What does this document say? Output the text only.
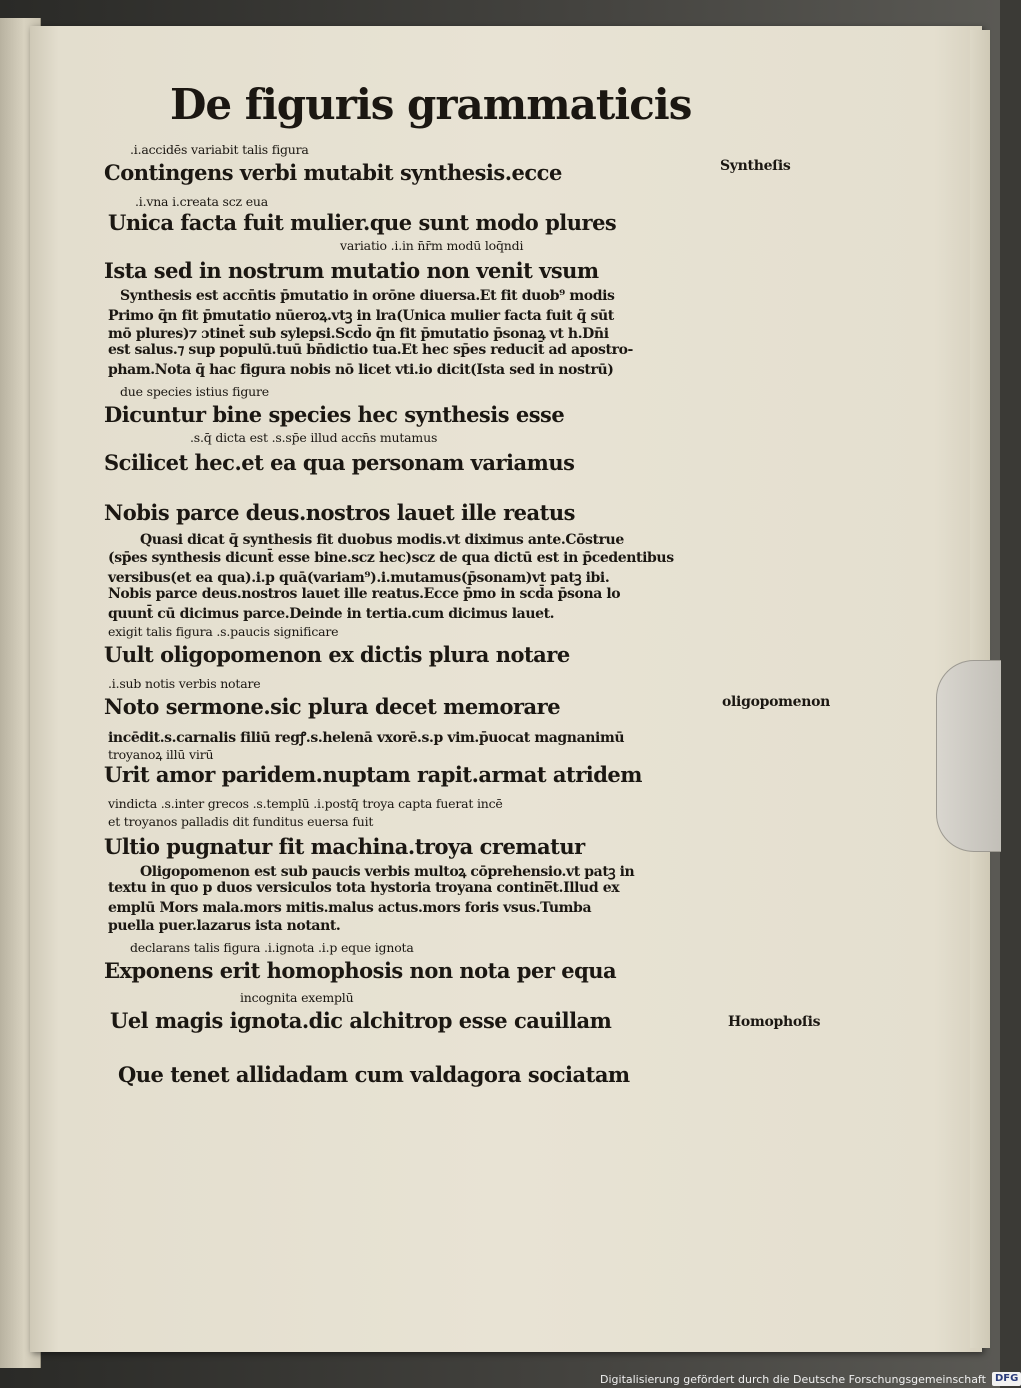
De figuris grammaticis
.i.accidēs variabit talis figura
Contingens verbi mutabit synthesis.ecce
.i.vna i.creata scz eua
Unica facta fuit mulier.que sunt modo plures
variatio .i.in n̄r̄m modū loq̄ndi
Ista sed in nostrum mutatio non venit vsum
Synthesis est accn̄tis p̄mutatio in orōne diuersa.Et fit duob⁹ modis
Primo q̄n fit p̄mutatio nūeroꝝ.vtꝫ in lra(Unica mulier facta fuit q̄ sūt
mō plures)⁊ ɔtinet̄ sub sylepsi.Scd̄o q̄n fit p̄mutatio p̄sonaꝝ vt h.Dn̄i
est salus.⁊ sup populū.tuū bn̄dictio tua.Et hec sp̄es reducit̄ ad apostro-
pham.Nota q̄ hac figura nobis nō licet vti.io dicit(Ista sed in nostrū)
due species istius figure
Dicuntur bine species hec synthesis esse
.s.q̄ dicta est .s.sp̄e illud accn̄s mutamus
Scilicet hec.et ea qua personam variamus
Nobis parce deus.nostros lauet ille reatus
Quasi dicat q̄ synthesis fit duobus modis.vt diximus ante.Cōstrue
(sp̄es synthesis dicunt̄ esse bine.scz hec)scz de qua dictū est in p̄cedentibus
versibus(et ea qua).i.p quā(variam⁹).i.mutamus(p̄sonam)vt patꝫ ibi.
Nobis parce deus.nostros lauet ille reatus.Ecce p̄mo in scd̄a p̄sona lo
quunt̄ cū dicimus parce.Deinde in tertia.cum dicimus lauet.
exigit talis figura .s.paucis significare
Uult oligopomenon ex dictis plura notare
.i.sub notis verbis notare
Noto sermone.sic plura decet memorare
incēdit.s.carnalis filiū regꝭ.s.helenā vxorē.s.p vim.p̄uocat magnanimū
troyanoꝝ illū virū
Urit amor paridem.nuptam rapit.armat atridem
vindicta .s.inter grecos .s.templū .i.postq̄ troya capta fuerat incē
et troyanos palladis dit funditus euersa fuit
Ultio pugnatur fit machina.troya crematur
Oligopomenon est sub paucis verbis multoꝝ cōprehensio.vt patꝫ in
textu in quo p duos versiculos tota hystoria troyana contine̅t.Illud ex
emplū Mors mala.mors mitis.malus actus.mors foris vsus.Tumba
puella puer.lazarus ista notant.
declarans talis figura .i.ignota .i.p eque ignota
Exponens erit homophosis non nota per equa
incognita exemplū
Uel magis ignota.dic alchitrop esse cauillam
Que tenet allidadam cum valdagora sociatam
Syntheſis
oligopomenon
Homophoſis
Digitalisierung gefördert durch die Deutsche Forschungsgemeinschaft DFG
